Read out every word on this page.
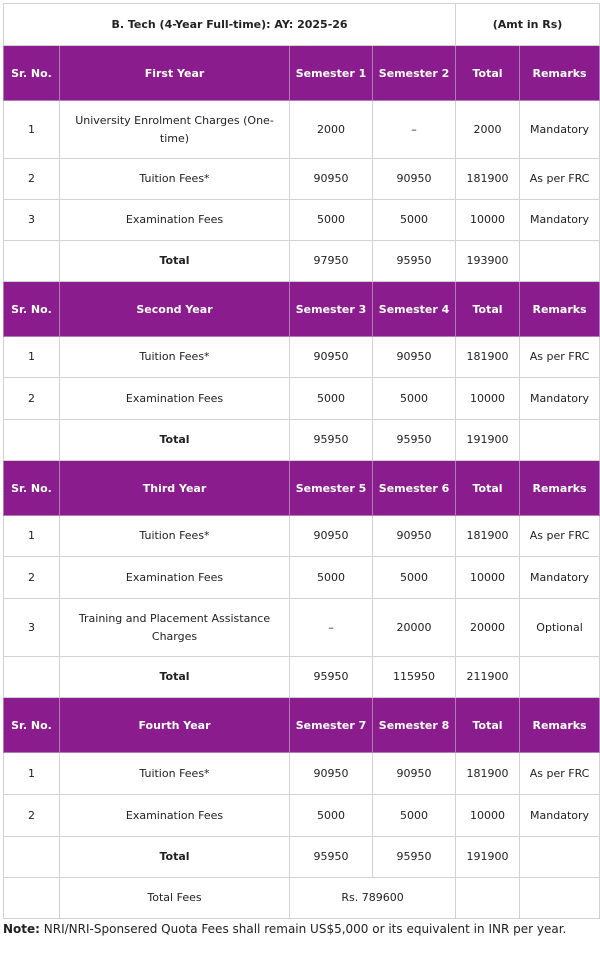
B. Tech (4-Year Full-time): AY: 2025-26				(Amt in Rs)	
Sr. No.	First Year	Semester 1	Semester 2	Total	Remarks
1	University Enrolment Charges (One-time)	2000	–	2000	Mandatory
2	Tuition Fees*	90950	90950	181900	As per FRC
3	Examination Fees	5000	5000	10000	Mandatory
	Total	97950	95950	193900	
Sr. No.	Second Year	Semester 3	Semester 4	Total	Remarks
1	Tuition Fees*	90950	90950	181900	As per FRC
2	Examination Fees	5000	5000	10000	Mandatory
	Total	95950	95950	191900	
Sr. No.	Third Year	Semester 5	Semester 6	Total	Remarks
1	Tuition Fees*	90950	90950	181900	As per FRC
2	Examination Fees	5000	5000	10000	Mandatory
3	Training and Placement Assistance Charges	–	20000	20000	Optional
	Total	95950	115950	211900	
Sr. No.	Fourth Year	Semester 7	Semester 8	Total	Remarks
1	Tuition Fees*	90950	90950	181900	As per FRC
2	Examination Fees	5000	5000	10000	Mandatory
	Total	95950	95950	191900	
	Total Fees	Rs. 789600			
Note: NRI/NRI-Sponsered Quota Fees shall remain US$5,000 or its equivalent in INR per year.
